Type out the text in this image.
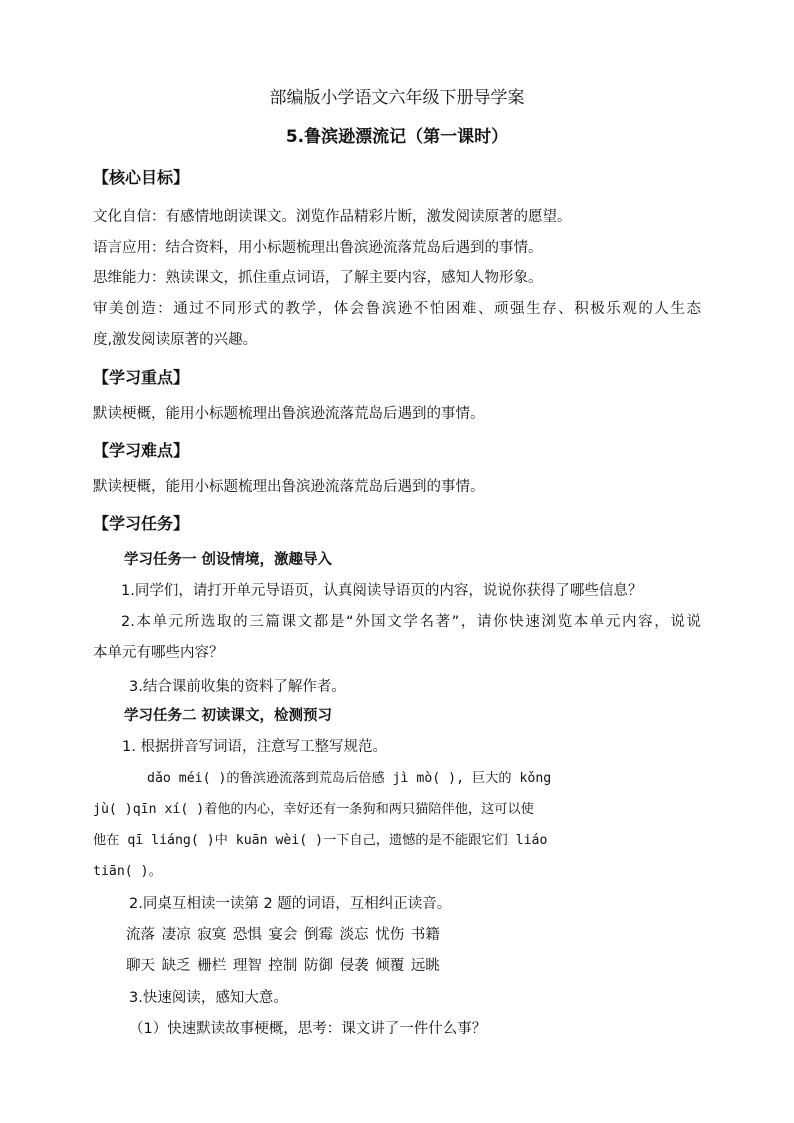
部编版小学语文六年级下册导学案
5.鲁滨逊漂流记（第一课时）
【核心目标】
文化自信：有感情地朗读课文。浏览作品精彩片断，激发阅读原著的愿望。
语言应用：结合资料，用小标题梳理出鲁滨逊流落荒岛后遇到的事情。
思维能力：熟读课文，抓住重点词语，了解主要内容，感知人物形象。
审美创造：通过不同形式的教学，体会鲁滨逊不怕困难、顽强生存、积极乐观的人生态
度,激发阅读原著的兴趣。
【学习重点】
默读梗概，能用小标题梳理出鲁滨逊流落荒岛后遇到的事情。
【学习难点】
默读梗概，能用小标题梳理出鲁滨逊流落荒岛后遇到的事情。
【学习任务】
学习任务一 创设情境，激趣导入
1.同学们，请打开单元导语页，认真阅读导语页的内容，说说你获得了哪些信息？
2.本单元所选取的三篇课文都是“外国文学名著”，请你快速浏览本单元内容，说说
本单元有哪些内容？
3.结合课前收集的资料了解作者。
学习任务二 初读课文，检测预习
1. 根据拼音写词语，注意写工整写规范。
dǎo méi( )的鲁滨逊流落到荒岛后倍感 jì mò( ), 巨大的 kǒng
jù( )qīn xí( )着他的内心，幸好还有一条狗和两只猫陪伴他，这可以使
他在 qī liáng( )中 kuān wèi( )一下自己，遗憾的是不能跟它们 liáo
tiān( )。
2.同桌互相读一读第 2 题的词语，互相纠正读音。
流落 凄凉 寂寞 恐惧 宴会 倒霉 淡忘 忧伤 书籍
聊天 缺乏 栅栏 理智 控制 防御 侵袭 倾覆 远眺
3.快速阅读，感知大意。
（1）快速默读故事梗概，思考：课文讲了一件什么事？
